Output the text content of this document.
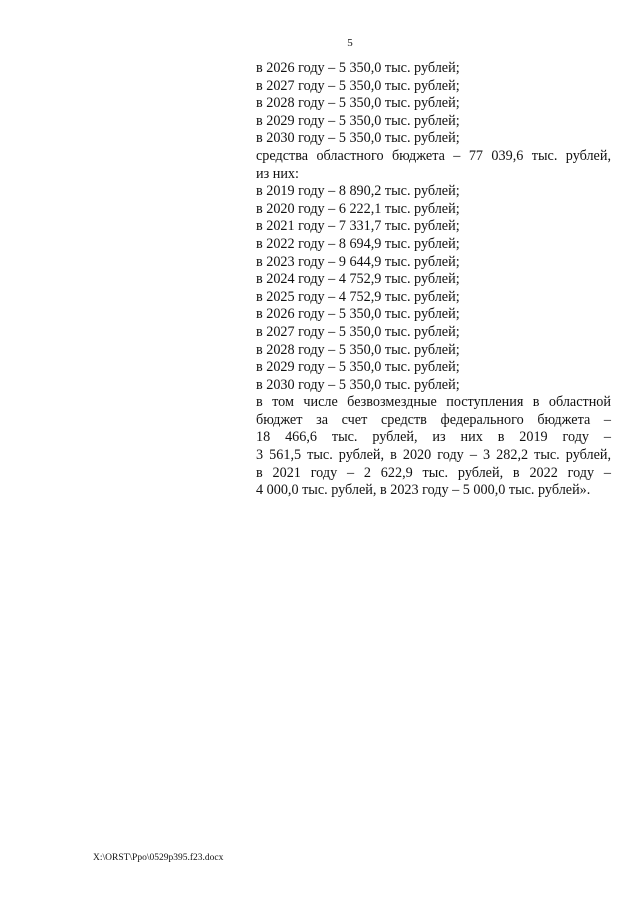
5
в 2026 году – 5 350,0 тыс. рублей;
в 2027 году – 5 350,0 тыс. рублей;
в 2028 году – 5 350,0 тыс. рублей;
в 2029 году – 5 350,0 тыс. рублей;
в 2030 году – 5 350,0 тыс. рублей;
средства областного бюджета – 77 039,6 тыс. рублей,
из них:
в 2019 году – 8 890,2 тыс. рублей;
в 2020 году – 6 222,1 тыс. рублей;
в 2021 году – 7 331,7 тыс. рублей;
в 2022 году – 8 694,9 тыс. рублей;
в 2023 году – 9 644,9 тыс. рублей;
в 2024 году – 4 752,9 тыс. рублей;
в 2025 году – 4 752,9 тыс. рублей;
в 2026 году – 5 350,0 тыс. рублей;
в 2027 году – 5 350,0 тыс. рублей;
в 2028 году – 5 350,0 тыс. рублей;
в 2029 году – 5 350,0 тыс. рублей;
в 2030 году – 5 350,0 тыс. рублей;
в том числе безвозмездные поступления в областной
бюджет за счет средств федерального бюджета –
18 466,6 тыс. рублей, из них в 2019 году –
3 561,5 тыс. рублей, в 2020 году – 3 282,2 тыс. рублей,
в 2021 году – 2 622,9 тыс. рублей, в 2022 году –
4 000,0 тыс. рублей, в 2023 году – 5 000,0 тыс. рублей».
X:\ORST\Ppo\0529p395.f23.docx
